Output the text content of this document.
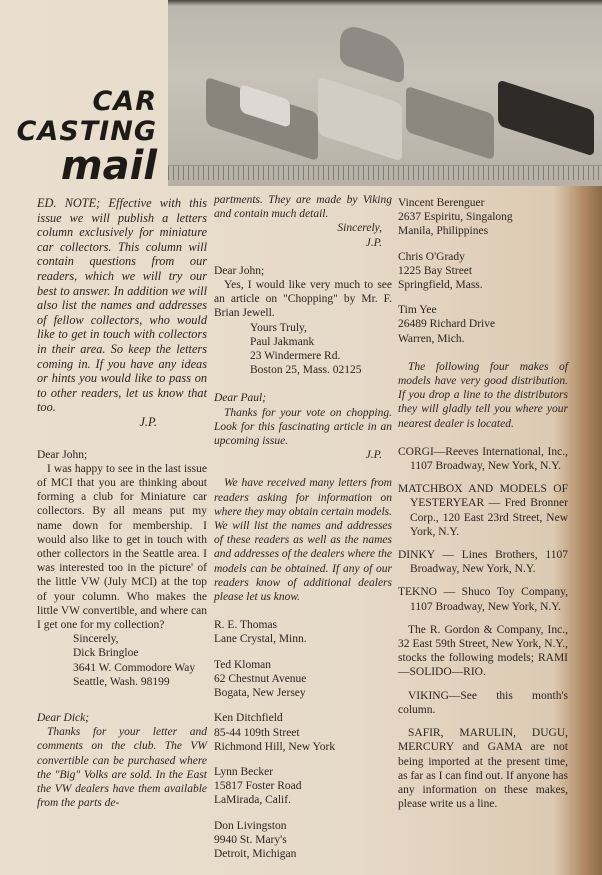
CAR
CASTING
mail

ED. NOTE; Effective with this issue we will publish a letters column exclusively for miniature car collectors. This column will contain questions from our readers, which we will try our best to answer. In addition we will also list the names and addresses of fellow collectors, who would like to get in touch with collectors in their area. So keep the letters coming in. If you have any ideas or hints you would like to pass on to other readers, let us know that too.

J.P.

Dear John;

I was happy to see in the last issue of MCI that you are thinking about forming a club for Miniature car collectors. By all means put my name down for membership. I would also like to get in touch with other collectors in the Seattle area. I was interested too in the picture' of the little VW (July MCI) at the top of your column. Who makes the little VW convertible, and where can I get one for my collection?

Sincerely,

Dick Bringloe

3641 W. Commodore Way

Seattle, Wash. 98199

Dear Dick;

Thanks for your letter and comments on the club. The VW convertible can be purchased where the "Big" Volks are sold. In the East the VW dealers have them available from the parts de-

partments. They are made by Viking and contain much detail.

Sincerely,

J.P.

Dear John;

Yes, I would like very much to see an article on "Chopping" by Mr. F. Brian Jewell.

Yours Truly,

Paul Jakmank

23 Windermere Rd.

Boston 25, Mass. 02125

Dear Paul;

Thanks for your vote on chopping. Look for this fascinating article in an upcoming issue.

J.P.

We have received many letters from readers asking for information on where they may obtain certain models. We will list the names and addresses of these readers as well as the names and addresses of the dealers where the models can be obtained. If any of our readers know of additional dealers please let us know.

R. E. Thomas

Lane Crystal, Minn.

Ted Kloman

62 Chestnut Avenue

Bogata, New Jersey

Ken Ditchfield

85-44 109th Street

Richmond Hill, New York

Lynn Becker

15817 Foster Road

LaMirada, Calif.

Don Livingston

9940 St. Mary's

Detroit, Michigan

Vincent Berenguer

2637 Espiritu, Singalong

Manila, Philippines

Chris O'Grady

1225 Bay Street

Springfield, Mass.

Tim Yee

26489 Richard Drive

Warren, Mich.

The following four makes of models have very good distribution. If you drop a line to the distributors they will gladly tell you where your nearest dealer is located.

CORGI—Reeves International, Inc., 1107 Broadway, New York, N.Y.

MATCHBOX AND MODELS OF YESTERYEAR — Fred Bronner Corp., 120 East 23rd Street, New York, N.Y.

DINKY — Lines Brothers, 1107 Broadway, New York, N.Y.

TEKNO — Shuco Toy Company, 1107 Broadway, New York, N.Y.

The R. Gordon & Company, Inc., 32 East 59th Street, New York, N.Y., stocks the following models; RAMI—SOLIDO—RIO.

VIKING—See this month's column.

SAFIR, MARULIN, DUGU, MERCURY and GAMA are not being imported at the present time, as far as I can find out. If anyone has any information on these makes, please write us a line.
